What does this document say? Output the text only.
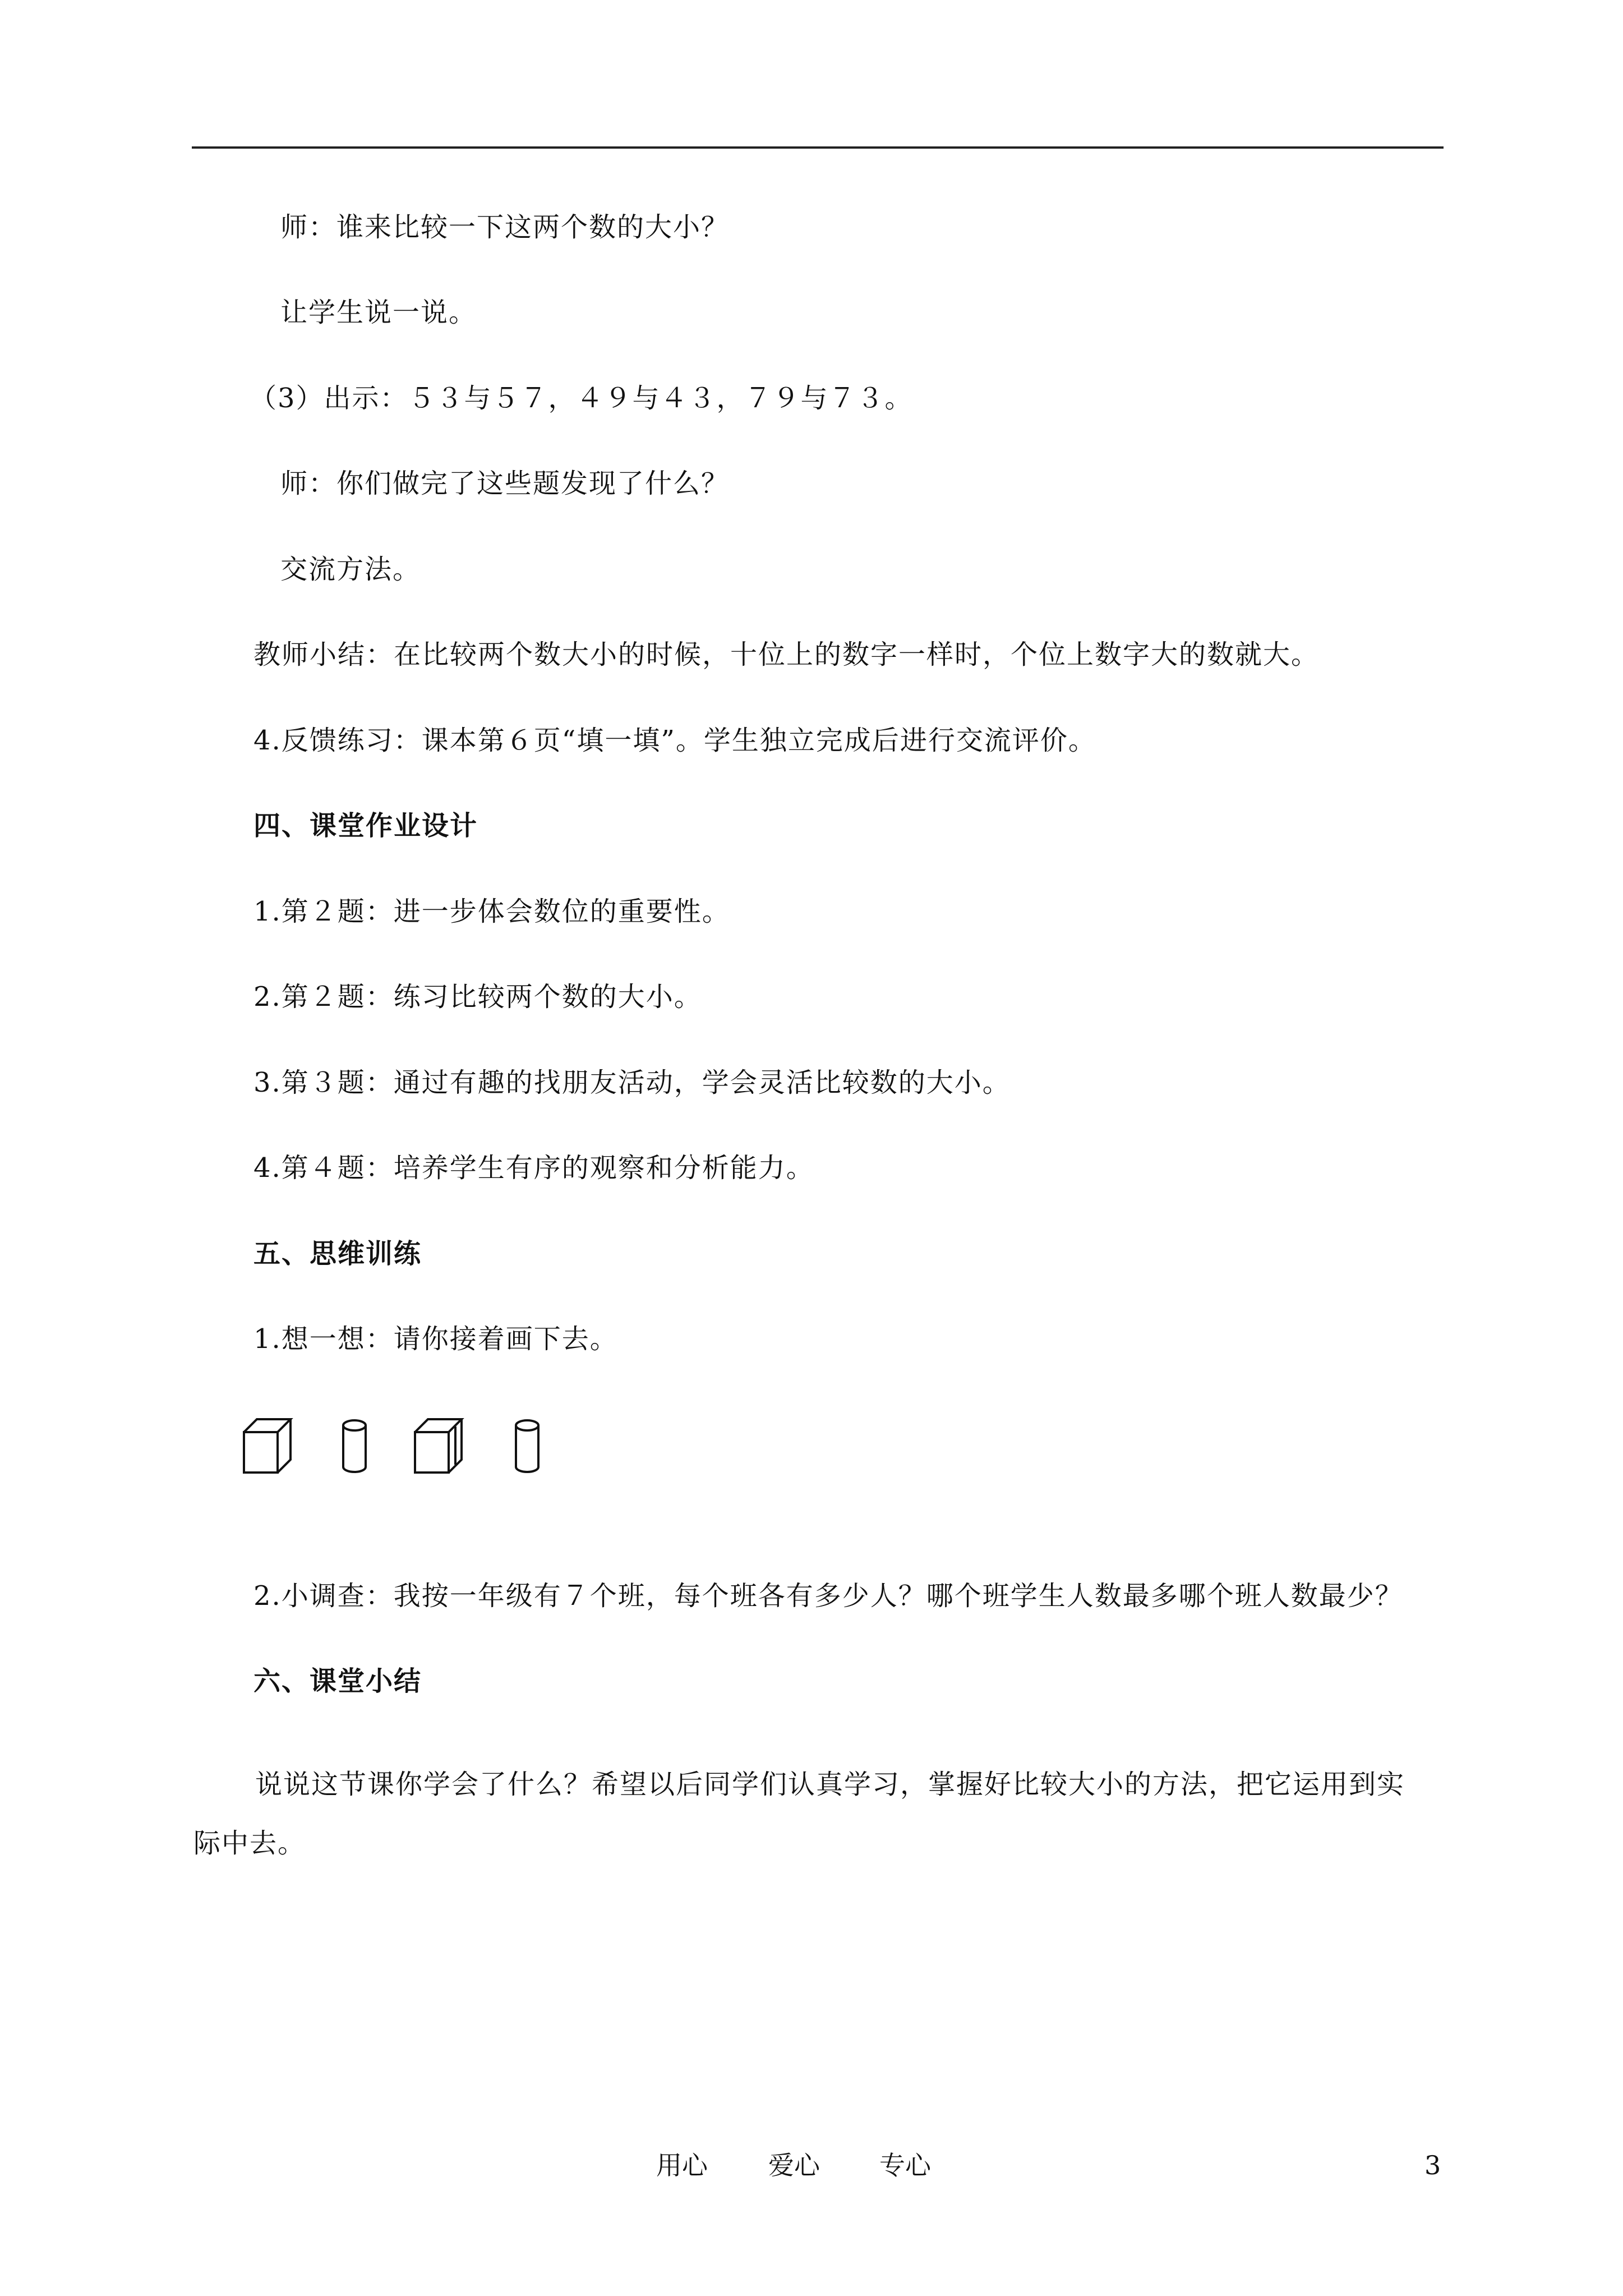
师：谁来比较一下这两个数的大小？
让学生说一说。
（3）出示：５３与５７，４９与４３，７９与７３。
师：你们做完了这些题发现了什么？
交流方法。
教师小结：在比较两个数大小的时候，十位上的数字一样时，个位上数字大的数就大。
4.反馈练习：课本第６页“填一填”。学生独立完成后进行交流评价。
四、课堂作业设计
1.第２题：进一步体会数位的重要性。
2.第２题：练习比较两个数的大小。
3.第３题：通过有趣的找朋友活动，学会灵活比较数的大小。
4.第４题：培养学生有序的观察和分析能力。
五、思维训练
1.想一想：请你接着画下去。
2.小调查：我按一年级有７个班，每个班各有多少人？哪个班学生人数最多哪个班人数最少？
六、课堂小结
说说这节课你学会了什么？希望以后同学们认真学习，掌握好比较大小的方法，把它运用到实
际中去。
用心 爱心 专心	3
